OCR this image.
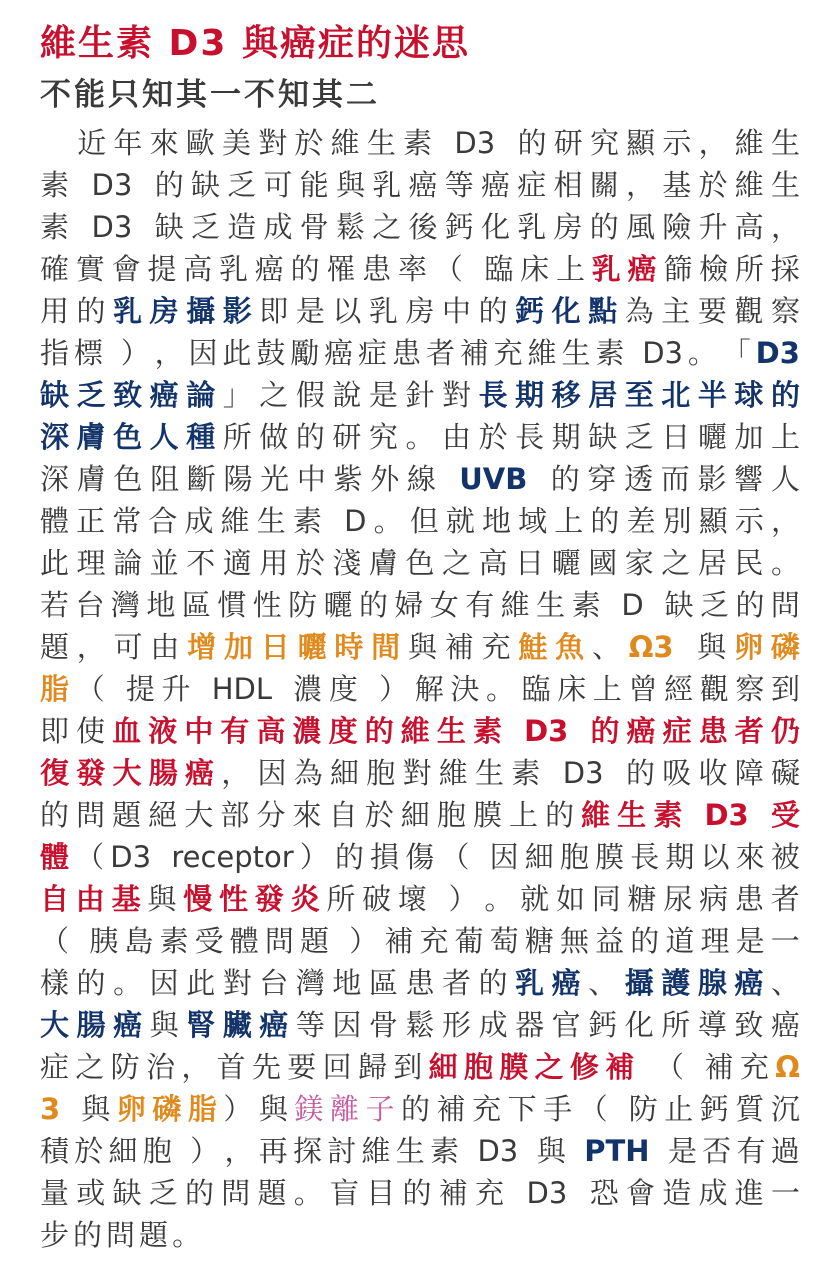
維生素 D3 與癌症的迷思
不能只知其一不知其二
近 年 來 歐 美 對 於 維 生 素 D3 的 研 究 顯 示 ， 維 生
素 D3 的 缺 乏 可 能 與 乳 癌 等 癌 症 相 關 ， 基 於 維 生
素 D3 缺 乏 造 成 骨 鬆 之 後 鈣 化 乳 房 的 風 險 升 高 ，
確 實 會 提 高 乳 癌 的 罹 患 率 （ 臨 床 上 乳 癌 篩 檢 所 採
用 的 乳 房 攝 影 即 是 以 乳 房 中 的 鈣 化 點 為 主 要 觀 察
指 標 ） ， 因 此 鼓 勵 癌 症 患 者 補 充 維 生 素 D3 。 「 D3
缺 乏 致 癌 論 」 之 假 說 是 針 對 長 期 移 居 至 北 半 球 的
深 膚 色 人 種 所 做 的 研 究 。 由 於 長 期 缺 乏 日 曬 加 上
深 膚 色 阻 斷 陽 光 中 紫 外 線 UVB 的 穿 透 而 影 響 人
體 正 常 合 成 維 生 素 D 。 但 就 地 域 上 的 差 別 顯 示 ，
此 理 論 並 不 適 用 於 淺 膚 色 之 高 日 曬 國 家 之 居 民 。
若 台 灣 地 區 慣 性 防 曬 的 婦 女 有 維 生 素 D 缺 乏 的 問
題 ， 可 由 增 加 日 曬 時 間 與 補 充 鮭 魚 、 Ω3 與 卵 磷
脂 （ 提 升 HDL 濃 度 ） 解 決 。 臨 床 上 曾 經 觀 察 到
即 使 血 液 中 有 高 濃 度 的 維 生 素 D3 的 癌 症 患 者 仍
復 發 大 腸 癌 ， 因 為 細 胞 對 維 生 素 D3 的 吸 收 障 礙
的 問 題 絕 大 部 分 來 自 於 細 胞 膜 上 的 維 生 素 D3 受
體 （ D3 receptor ） 的 損 傷 （ 因 細 胞 膜 長 期 以 來 被
自 由 基 與 慢 性 發 炎 所 破 壞 ） 。 就 如 同 糖 尿 病 患 者
（ 胰 島 素 受 體 問 題 ） 補 充 葡 萄 糖 無 益 的 道 理 是 一
樣 的 。 因 此 對 台 灣 地 區 患 者 的 乳 癌 、 攝 護 腺 癌 、
大 腸 癌 與 腎 臟 癌 等 因 骨 鬆 形 成 器 官 鈣 化 所 導 致 癌
症 之 防 治 ， 首 先 要 回 歸 到 細 胞 膜 之 修 補 （ 補 充 Ω
3 與 卵 磷 脂 ） 與 鎂 離 子 的 補 充 下 手 （ 防 止 鈣 質 沉
積 於 細 胞 ） ， 再 探 討 維 生 素 D3 與 PTH 是 否 有 過
量 或 缺 乏 的 問 題 。 盲 目 的 補 充 D3 恐 會 造 成 進 一
步 的 問 題 。
